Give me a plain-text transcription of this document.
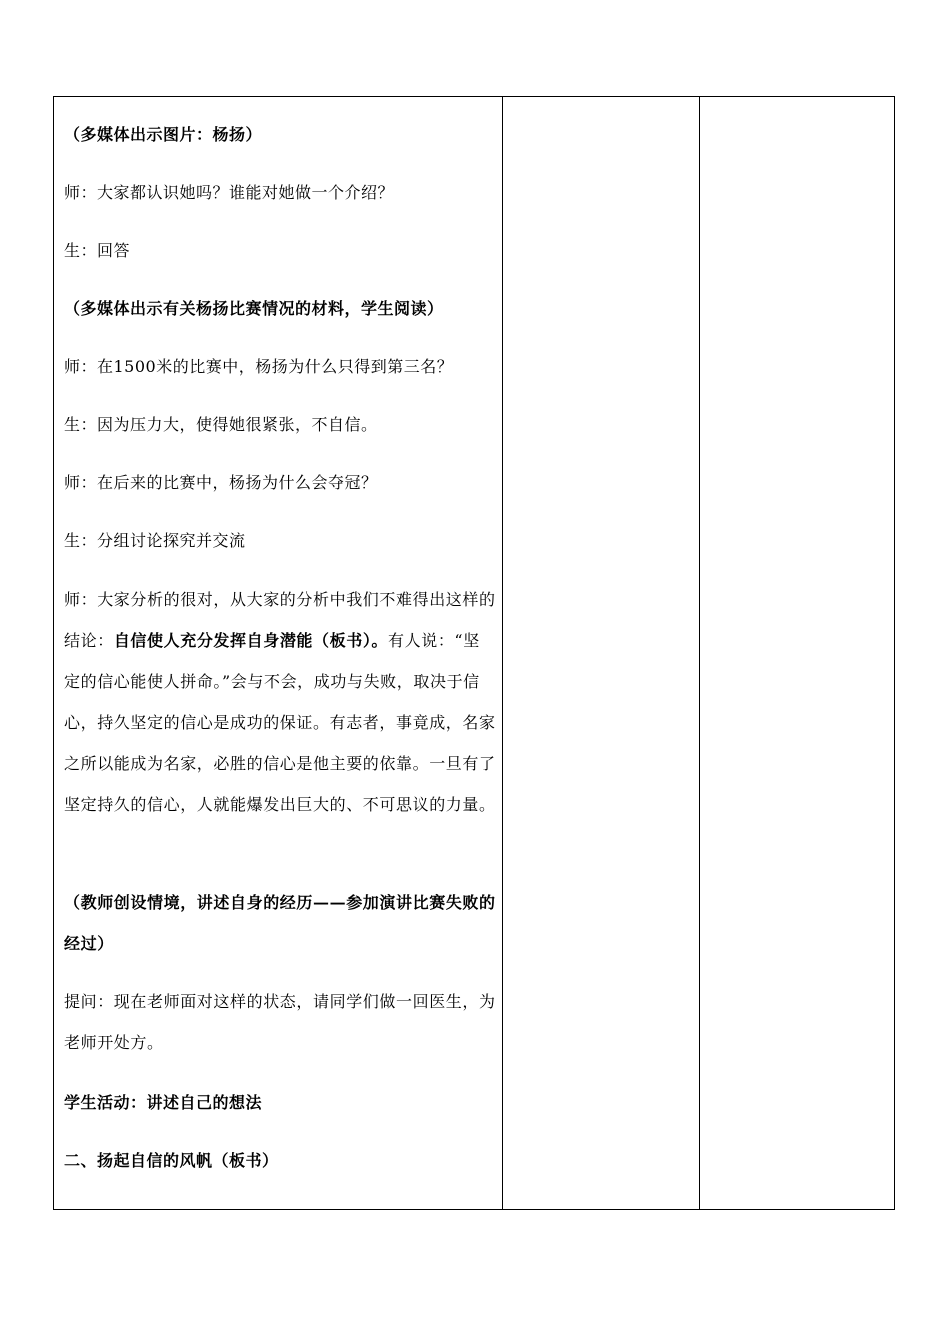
（多媒体出示图片：杨扬）

师：大家都认识她吗？谁能对她做一个介绍？

生：回答

（多媒体出示有关杨扬比赛情况的材料，学生阅读）

师：在1500米的比赛中，杨扬为什么只得到第三名？

生：因为压力大，使得她很紧张，不自信。

师：在后来的比赛中，杨扬为什么会夺冠？

生：分组讨论探究并交流

师：大家分析的很对，从大家的分析中我们不难得出这样的结论：自信使人充分发挥自身潜能（板书）。有人说：“坚定的信心能使人拼命。”会与不会，成功与失败，取决于信心，持久坚定的信心是成功的保证。有志者，事竟成，名家之所以能成为名家，必胜的信心是他主要的依靠。一旦有了坚定持久的信心，人就能爆发出巨大的、不可思议的力量。

（教师创设情境，讲述自身的经历——参加演讲比赛失败的经过）

提问：现在老师面对这样的状态，请同学们做一回医生，为老师开处方。

学生活动：讲述自己的想法

二、扬起自信的风帆（板书）
